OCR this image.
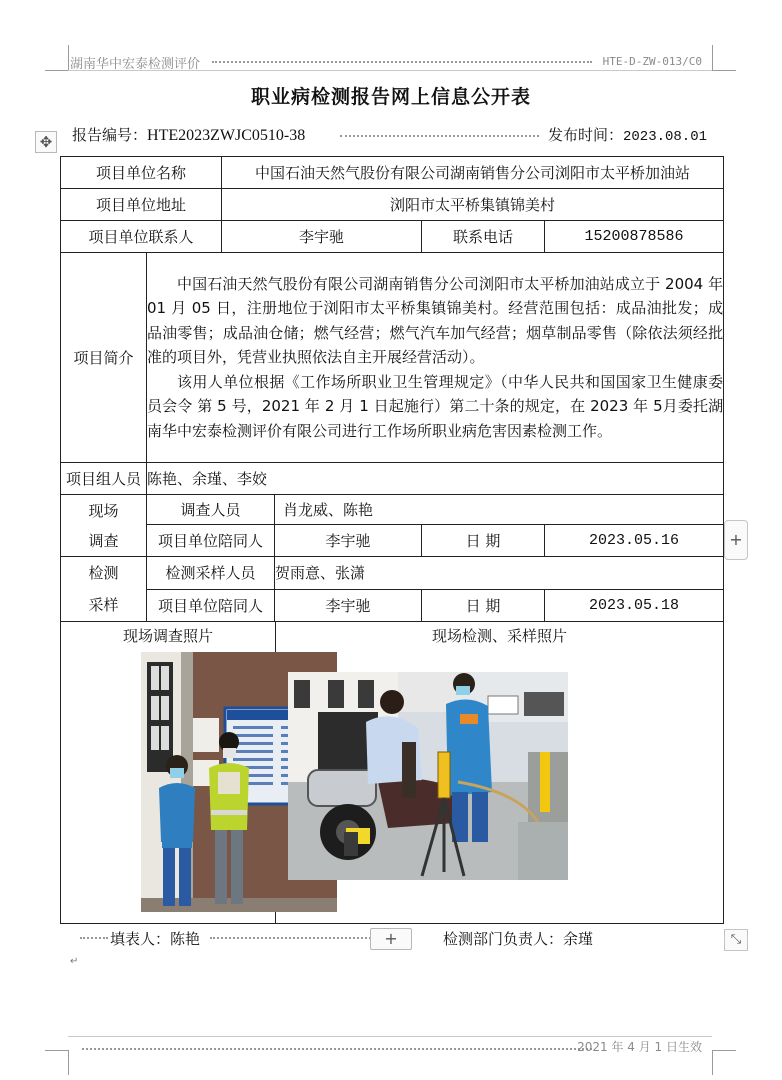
湖南华中宏泰检测评价	HTE-D-ZW-013/C0
职业病检测报告网上信息公开表
✥	报告编号：HTE2023ZWJC0510-38	发布时间：2023.08.01
项目单位名称		中国石油天然气股份有限公司湖南销售分公司浏阳市太平桥加油站			
项目单位地址		浏阳市太平桥集镇锦美村			
项目单位联系人		李宇驰		联系电话	15200878586
项目简介	中国石油天然气股份有限公司湖南销售分公司浏阳市太平桥加油站成立于 2004 年 01 月 05 日，注册地位于浏阳市太平桥集镇锦美村。经营范围包括：成品油批发；成品油零售；成品油仓储；燃气经营；燃气汽车加气经营；烟草制品零售（除依法须经批准的项目外，凭营业执照依法自主开展经营活动）。

该用人单位根据《工作场所职业卫生管理规定》（中华人民共和国国家卫生健康委员会令 第 5 号，2021 年 2 月 1 日起施行）第二十条的规定，在 2023 年 5月委托湖南华中宏泰检测评价有限公司进行工作场所职业病危害因素检测工作。				

项目组人员	陈艳、余瑾、李姣				

现场
调查	调查人员		肖龙威、陈艳		
	项目单位陪同人		李宇驰	日 期	2023.05.16

检测
采样	检测采样人员		贺雨意、张潇		
	项目单位陪同人		李宇驰	日 期	2023.05.18

现场调查照片			现场检测、采样照片		
+
填表人：陈艳	检测部门负责人：余瑾
+	⤡
↵
2021 年 4 月 1 日生效
